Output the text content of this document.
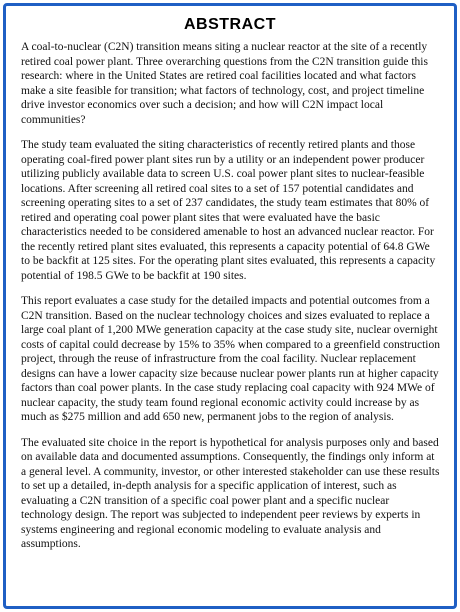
ABSTRACT

A coal-to-nuclear (C2N) transition means siting a nuclear reactor at the site of a recently retired coal power plant. Three overarching questions from the C2N transition guide this research: where in the United States are retired coal facilities located and what factors make a site feasible for transition; what factors of technology, cost, and project timeline drive investor economics over such a decision; and how will C2N impact local communities?

The study team evaluated the siting characteristics of recently retired plants and those operating coal-fired power plant sites run by a utility or an independent power producer utilizing publicly available data to screen U.S. coal power plant sites to nuclear-feasible locations. After screening all retired coal sites to a set of 157 potential candidates and screening operating sites to a set of 237 candidates, the study team estimates that 80% of retired and operating coal power plant sites that were evaluated have the basic characteristics needed to be considered amenable to host an advanced nuclear reactor. For the recently retired plant sites evaluated, this represents a capacity potential of 64.8 GWe to be backfit at 125 sites. For the operating plant sites evaluated, this represents a capacity potential of 198.5 GWe to be backfit at 190 sites.

This report evaluates a case study for the detailed impacts and potential outcomes from a C2N transition. Based on the nuclear technology choices and sizes evaluated to replace a large coal plant of 1,200 MWe generation capacity at the case study site, nuclear overnight costs of capital could decrease by 15% to 35% when compared to a greenfield construction project, through the reuse of infrastructure from the coal facility. Nuclear replacement designs can have a lower capacity size because nuclear power plants run at higher capacity factors than coal power plants. In the case study replacing coal capacity with 924 MWe of nuclear capacity, the study team found regional economic activity could increase by as much as $275 million and add 650 new, permanent jobs to the region of analysis.

The evaluated site choice in the report is hypothetical for analysis purposes only and based on available data and documented assumptions. Consequently, the findings only inform at a general level. A community, investor, or other interested stakeholder can use these results to set up a detailed, in-depth analysis for a specific application of interest, such as evaluating a C2N transition of a specific coal power plant and a specific nuclear technology design. The report was subjected to independent peer reviews by experts in systems engineering and regional economic modeling to evaluate analysis and assumptions.
